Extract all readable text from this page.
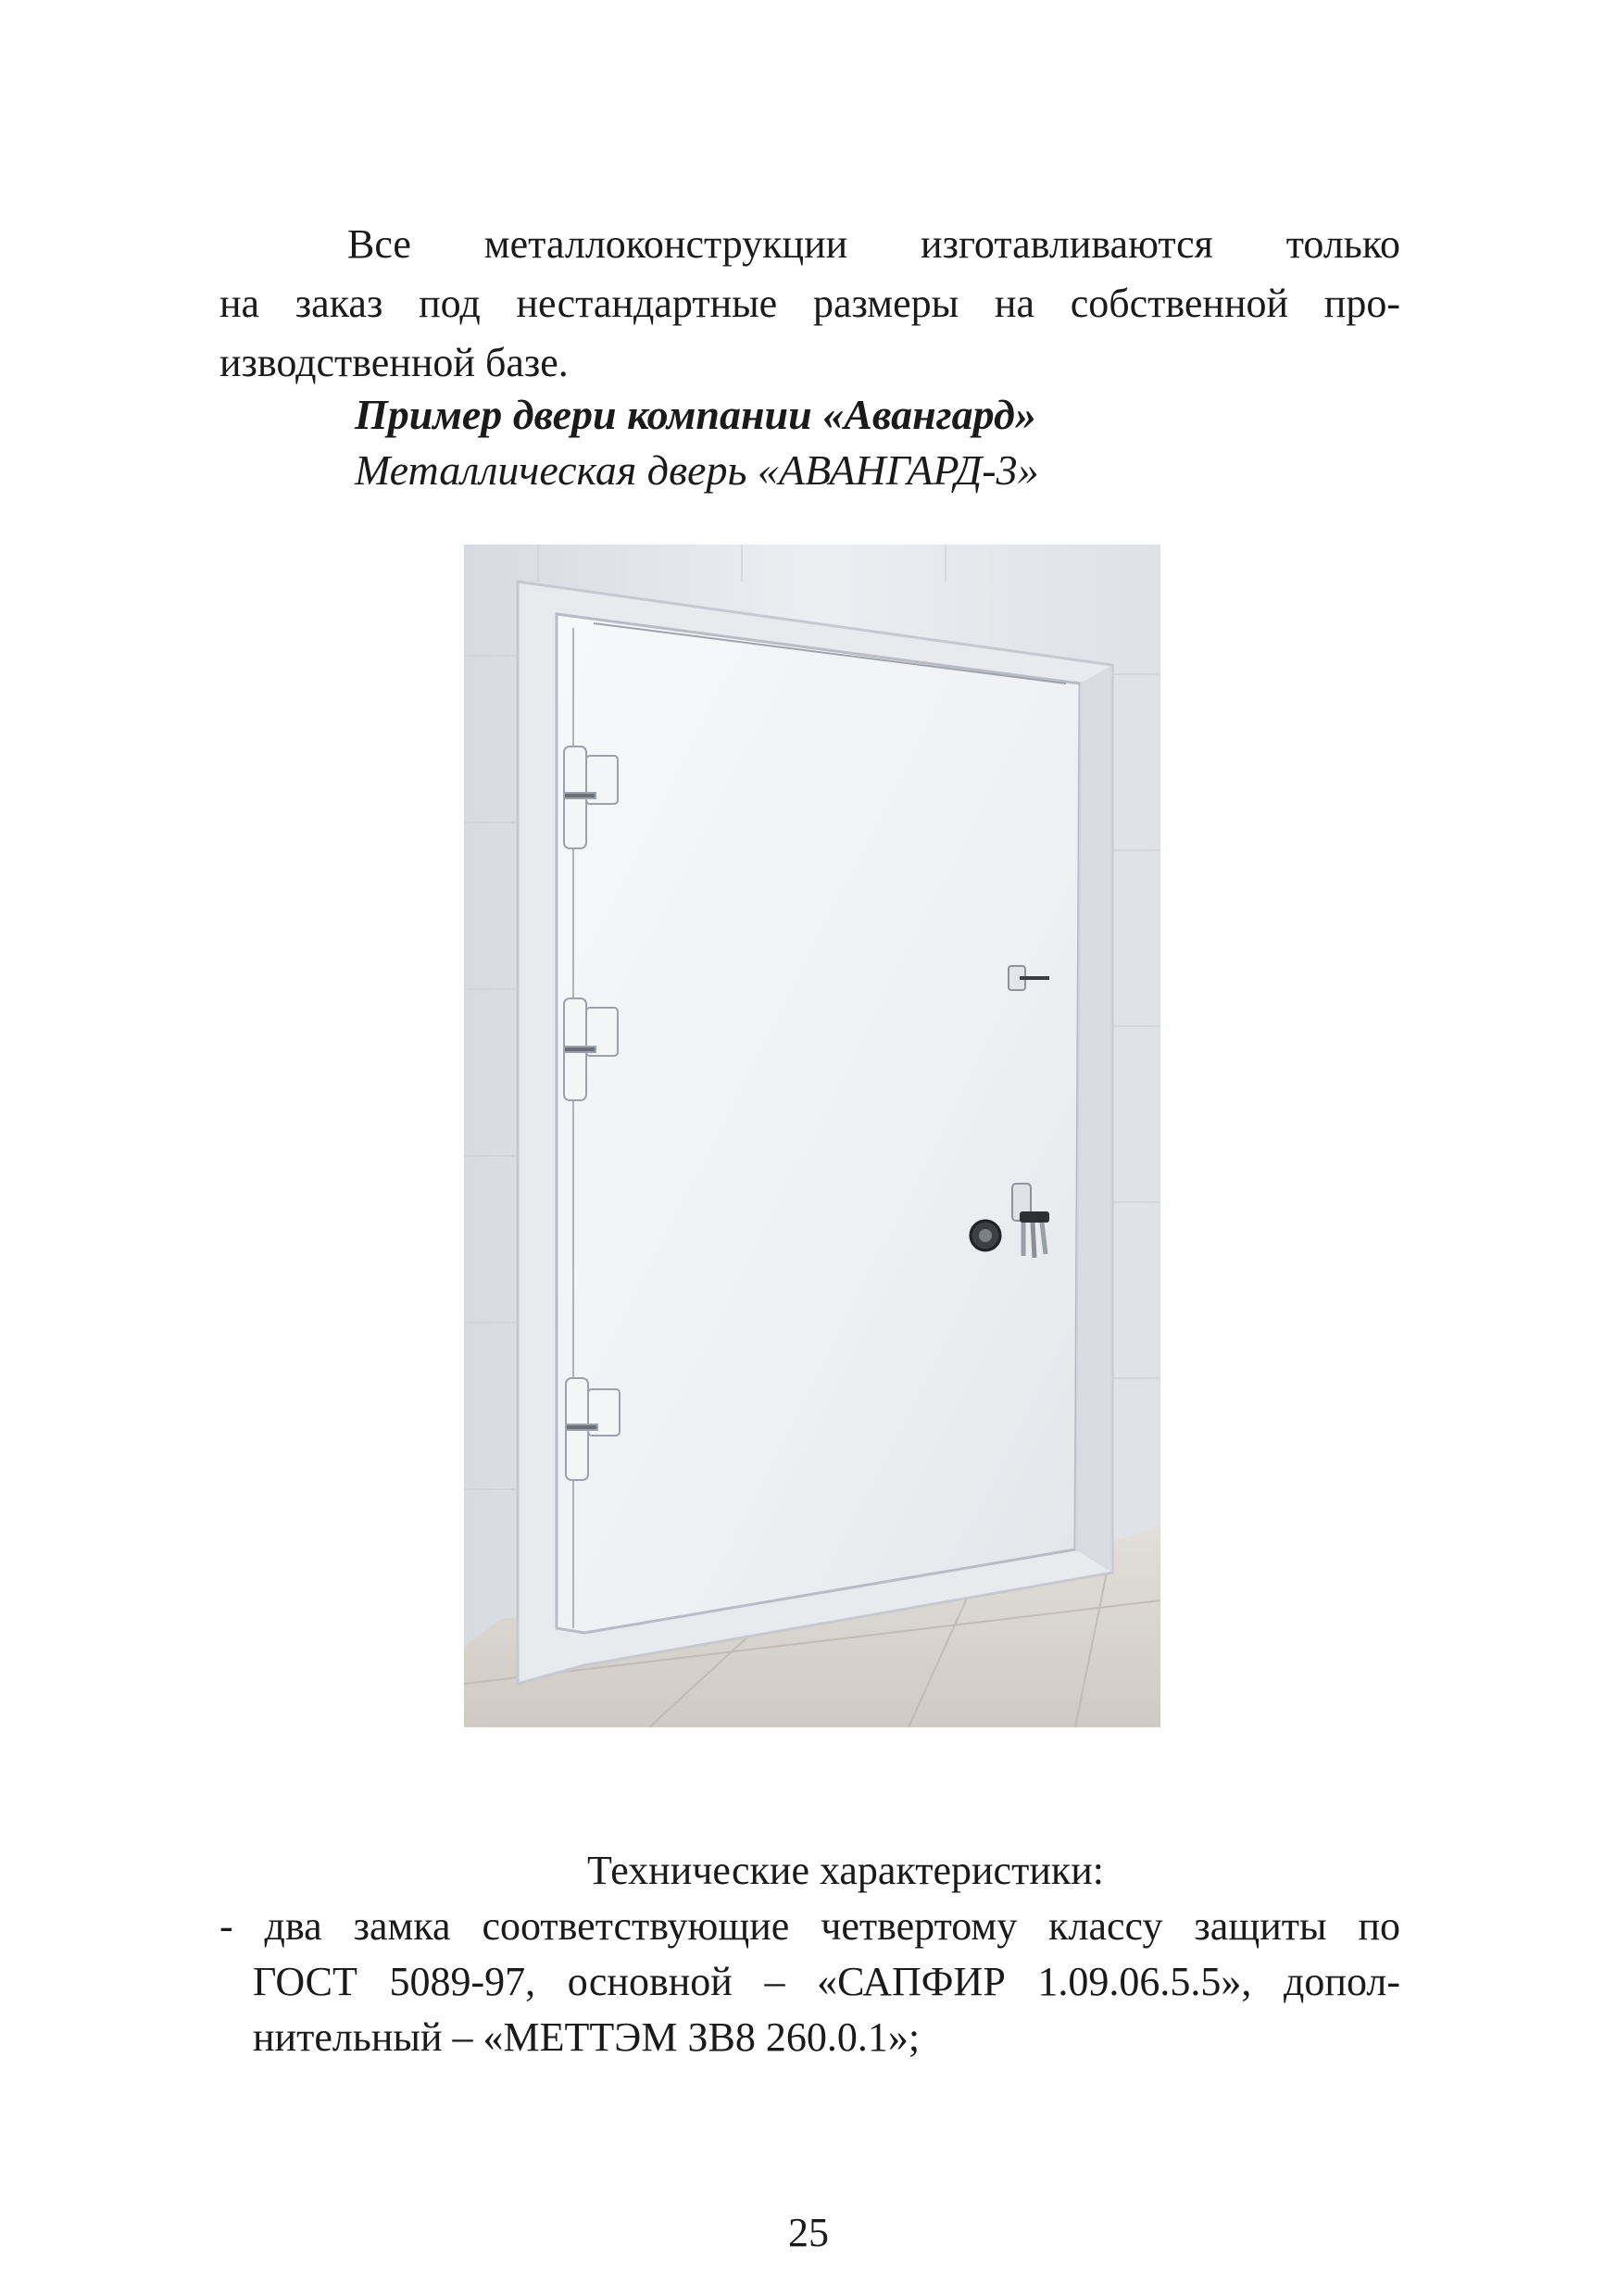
Все металлоконструкции изготавливаются только
на заказ под нестандартные размеры на собственной про-
изводственной базе.
Пример двери компании «Авангард»
Металлическая дверь «АВАНГАРД-3»
Технические характеристики:
- два замка соответствующие четвертому классу защиты по
ГОСТ 5089-97, основной – «САПФИР 1.09.06.5.5», допол-
нительный – «МЕТТЭМ ЗВ8 260.0.1»;
25
